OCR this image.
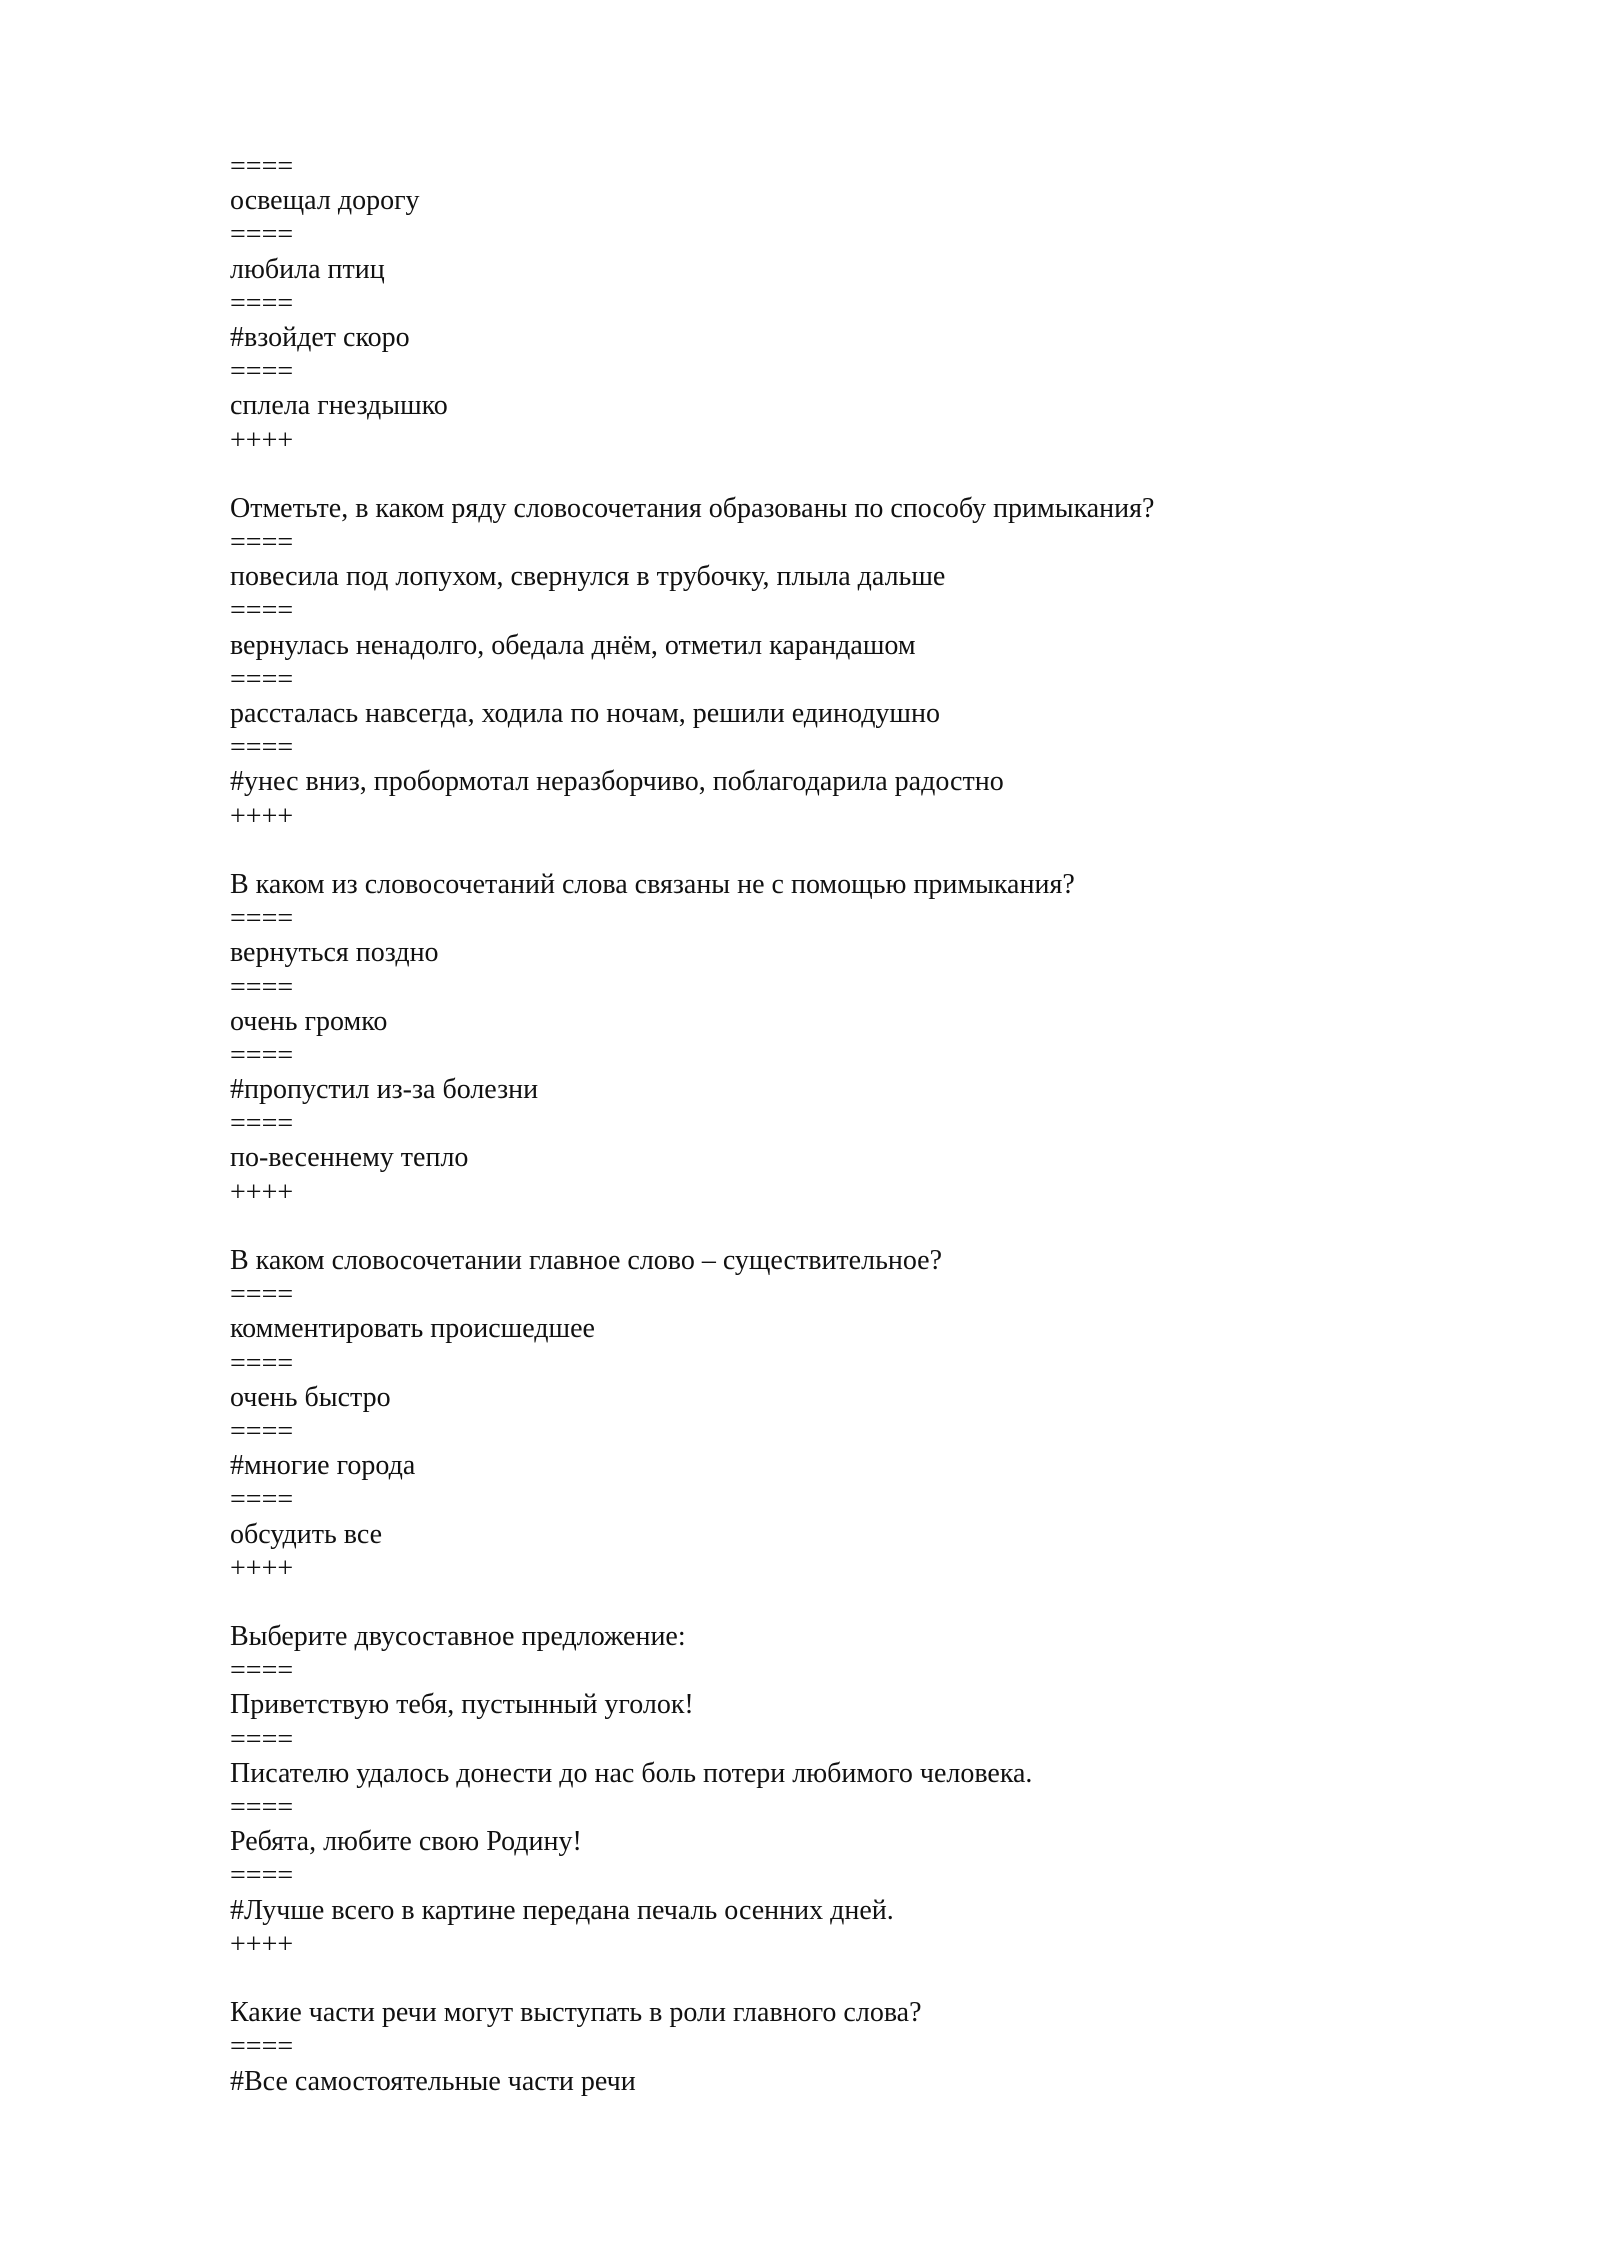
====
освещал дорогу
====
любила птиц
====
#взойдет скоро
====
сплела гнездышко
++++
Отметьте, в каком ряду словосочетания образованы по способу примыкания?
====
повесила под лопухом, свернулся в трубочку, плыла дальше
====
вернулась ненадолго, обедала днём, отметил карандашом
====
рассталась навсегда, ходила по ночам, решили единодушно
====
#унес вниз, пробормотал неразборчиво, поблагодарила радостно
++++
В каком из словосочетаний слова связаны не с помощью примыкания?
====
вернуться поздно
====
очень громко
====
#пропустил из-за болезни
====
по-весеннему тепло
++++
В каком словосочетании главное слово – существительное?
====
комментировать происшедшее
====
очень быстро
====
#многие города
====
обсудить все
++++
Выберите двусоставное предложение:
====
Приветствую тебя, пустынный уголок!
====
Писателю удалось донести до нас боль потери любимого человека.
====
Ребята, любите свою Родину!
====
#Лучше всего в картине передана печаль осенних дней.
++++
Какие части речи могут выступать в роли главного слова?
====
#Все самостоятельные части речи
